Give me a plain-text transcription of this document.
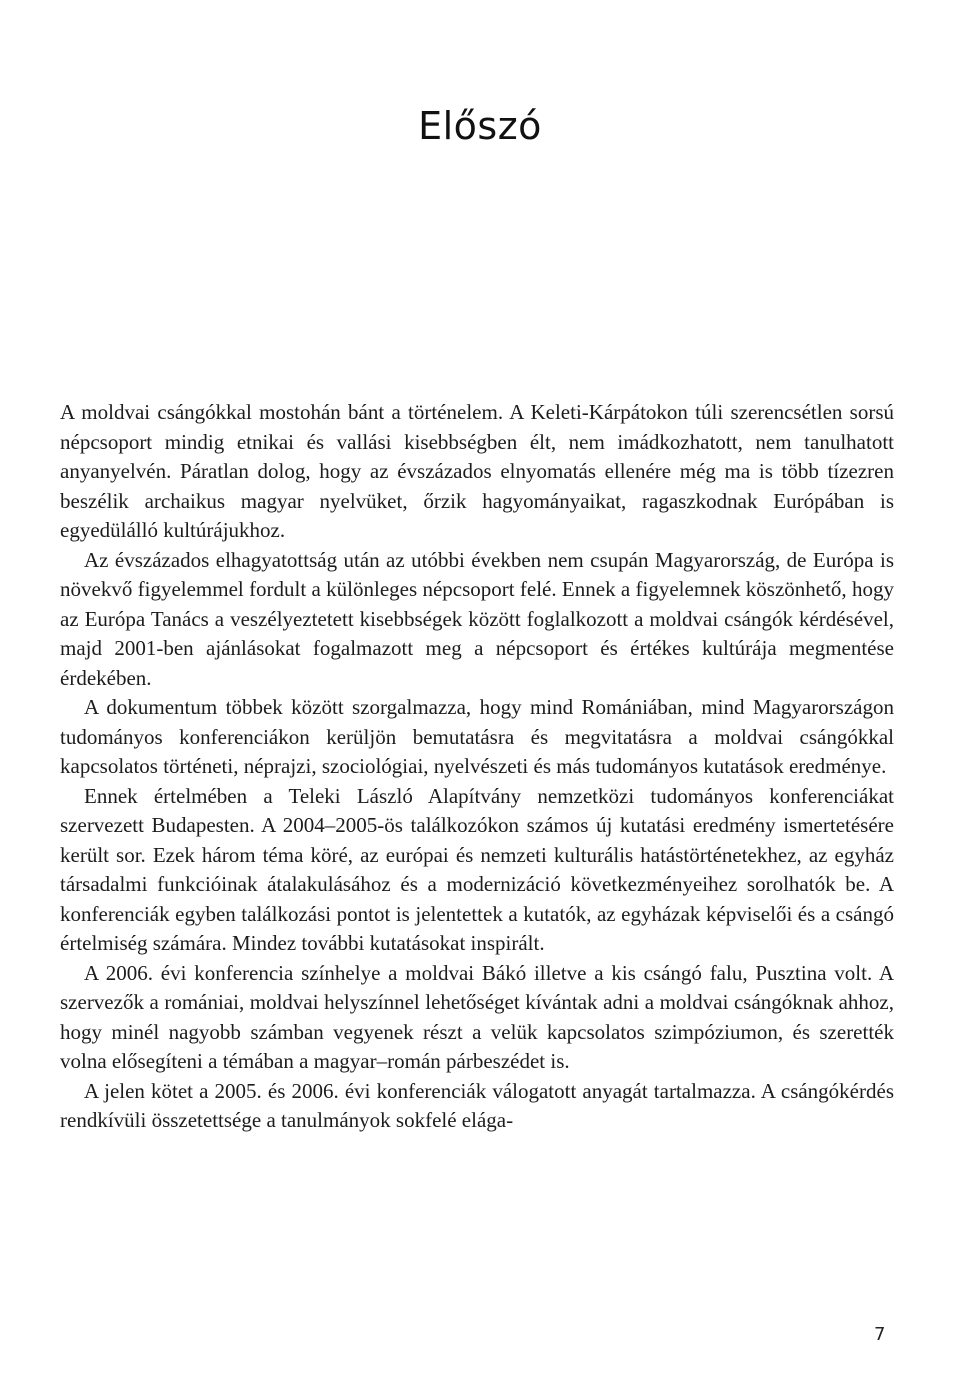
Előszó

A moldvai csángókkal mostohán bánt a történelem. A Keleti-Kárpátokon túli szerencsétlen sorsú népcsoport mindig etnikai és vallási kisebbségben élt, nem imádkozhatott, nem tanulhatott anyanyelvén. Páratlan dolog, hogy az évszázados elnyomatás ellenére még ma is több tízezren beszélik archaikus magyar nyelvüket, őrzik hagyományaikat, ragaszkodnak Európában is egyedülálló kultúrájukhoz.

Az évszázados elhagyatottság után az utóbbi években nem csupán Magyarország, de Európa is növekvő figyelemmel fordult a különleges népcsoport felé. Ennek a figyelemnek köszönhető, hogy az Európa Tanács a veszélyeztetett kisebbségek között foglalkozott a moldvai csángók kérdésével, majd 2001-ben ajánlásokat fogalmazott meg a népcsoport és értékes kultúrája megmentése érdekében.

A dokumentum többek között szorgalmazza, hogy mind Romániában, mind Magyarországon tudományos konferenciákon kerüljön bemutatásra és megvitatásra a moldvai csángókkal kapcsolatos történeti, néprajzi, szociológiai, nyelvészeti és más tudományos kutatások eredménye.

Ennek értelmében a Teleki László Alapítvány nemzetközi tudományos konferenciákat szervezett Budapesten. A 2004–2005-ös találkozókon számos új kutatási eredmény ismertetésére került sor. Ezek három téma köré, az európai és nemzeti kulturális hatástörténetekhez, az egyház társadalmi funkcióinak átalakulásához és a modernizáció következményeihez sorolhatók be. A konferenciák egyben találkozási pontot is jelentettek a kutatók, az egyházak képviselői és a csángó értelmiség számára. Mindez további kutatásokat inspirált.

A 2006. évi konferencia színhelye a moldvai Bákó illetve a kis csángó falu, Pusztina volt. A szervezők a romániai, moldvai helyszínnel lehetőséget kívántak adni a moldvai csángóknak ahhoz, hogy minél nagyobb számban vegyenek részt a velük kapcsolatos szimpóziumon, és szerették volna elősegíteni a témában a magyar–román párbeszédet is.

A jelen kötet a 2005. és 2006. évi konferenciák válogatott anyagát tartalmazza. A csángókérdés rendkívüli összetettsége a tanulmányok sokfelé elága-

7
